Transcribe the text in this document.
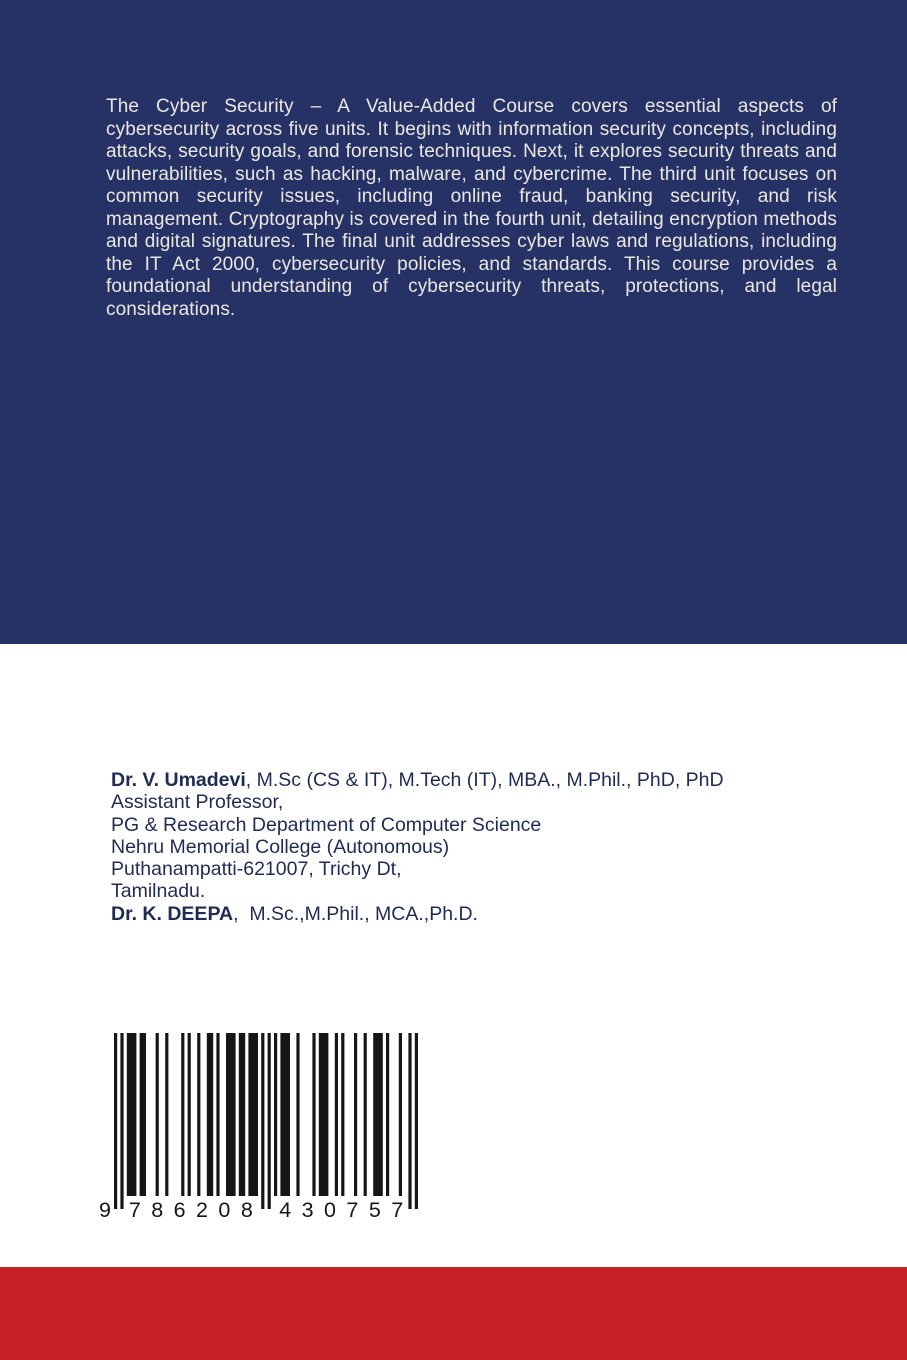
The Cyber Security – A Value-Added Course covers essential aspects of cybersecurity across five units. It begins with information security concepts, including attacks, security goals, and forensic techniques. Next, it explores security threats and vulnerabilities, such as hacking, malware, and cybercrime. The third unit focuses on common security issues, including online fraud, banking security, and risk management. Cryptography is covered in the fourth unit, detailing encryption methods and digital signatures. The final unit addresses cyber laws and regulations, including the IT Act 2000, cybersecurity policies, and standards. This course provides a foundational understanding of cybersecurity threats, protections, and legal considerations.

Dr. V. Umadevi, M.Sc (CS & IT), M.Tech (IT), MBA., M.Phil., PhD, PhD
Assistant Professor,
PG & Research Department of Computer Science
Nehru Memorial College (Autonomous)
Puthanampatti-621007, Trichy Dt,
Tamilnadu.
Dr. K. DEEPA,  M.Sc.,M.Phil., MCA.,Ph.D.
9 7 8 6 2 0 8 4 3 0 7 5 7
